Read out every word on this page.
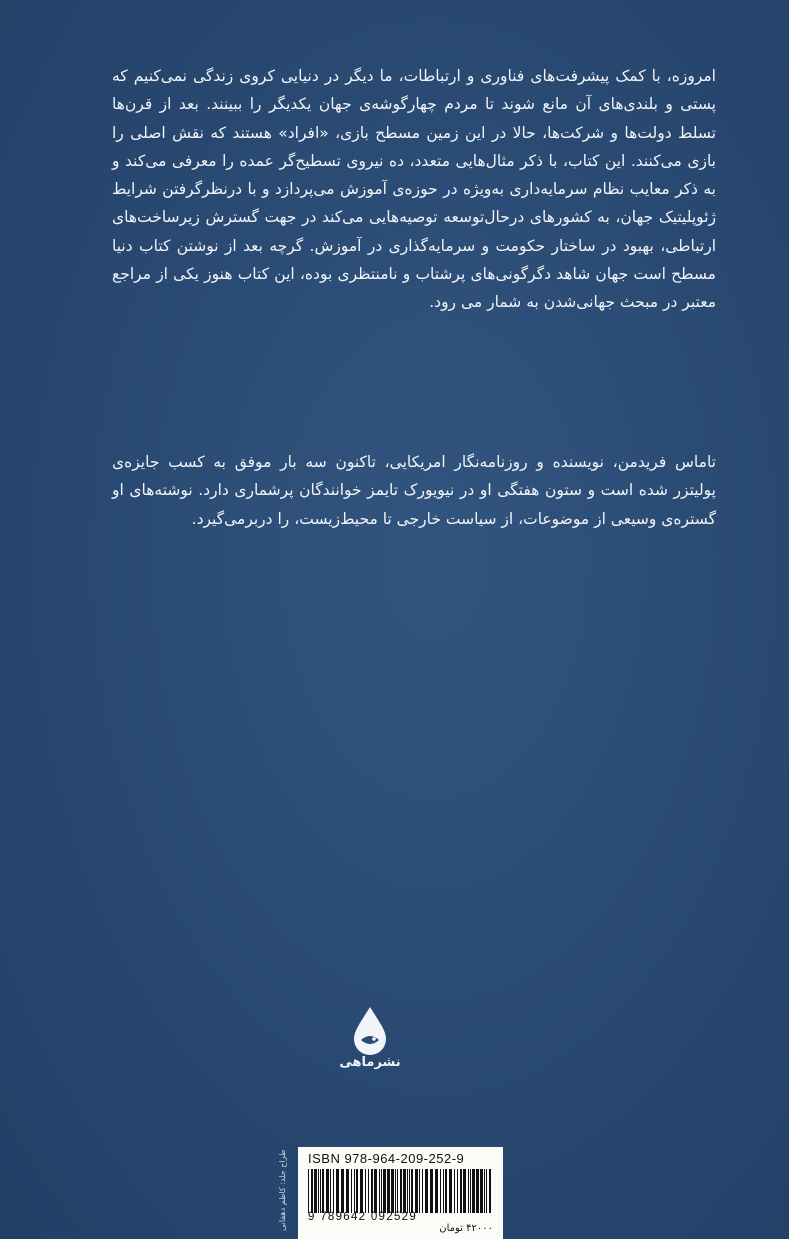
امروزه، با کمک پیشرفت‌های فناوری و ارتباطات، ما دیگر در دنیایی کروی زندگی نمی‌کنیم که پستی و بلندی‌های آن مانع شوند تا مردم چهارگوشه‌ی جهان یکدیگر را ببینند. بعد از قرن‌ها تسلط دولت‌ها و شرکت‌ها، حالا در این زمین مسطح بازی، «افراد» هستند که نقش اصلی را بازی می‌کنند. این کتاب، با ذکر مثال‌هایی متعدد، ده نیروی تسطیح‌گر عمده را معرفی می‌کند و به ذکر معایب نظام سرمایه‌داری به‌ویژه در حوزه‌ی آموزش می‌پردازد و با درنظرگرفتن شرایط ژئوپلیتیک جهان، به کشورهای درحال‌توسعه توصیه‌هایی می‌کند در جهت گسترش زیرساخت‌های ارتباطی، بهبود در ساختار حکومت و سرمایه‌گذاری در آموزش. گرچه بعد از نوشتن کتاب دنیا مسطح است جهان شاهد دگرگونی‌های پرشتاب و نامنتظری بوده، این کتاب هنوز یکی از مراجع معتبر در مبحث جهانی‌شدن به شمار می رود.

تاماس فریدمن، نویسنده و روزنامه‌نگار امریکایی، تاکنون سه بار موفق به کسب جایزه‌ی پولیتزر شده است و ستون هفتگی او در نیویورک تایمز خوانندگان پرشماری دارد. نوشته‌های او گستره‌ی وسیعی از موضوعات، از سیاست خارجی تا محیط‌زیست، را دربرمی‌گیرد.

نشرماهی
طراح جلد: کاظم دهقانی	ISBN 978-964-209-252-9
9 789642 092529
۴۲۰۰۰ تومان
